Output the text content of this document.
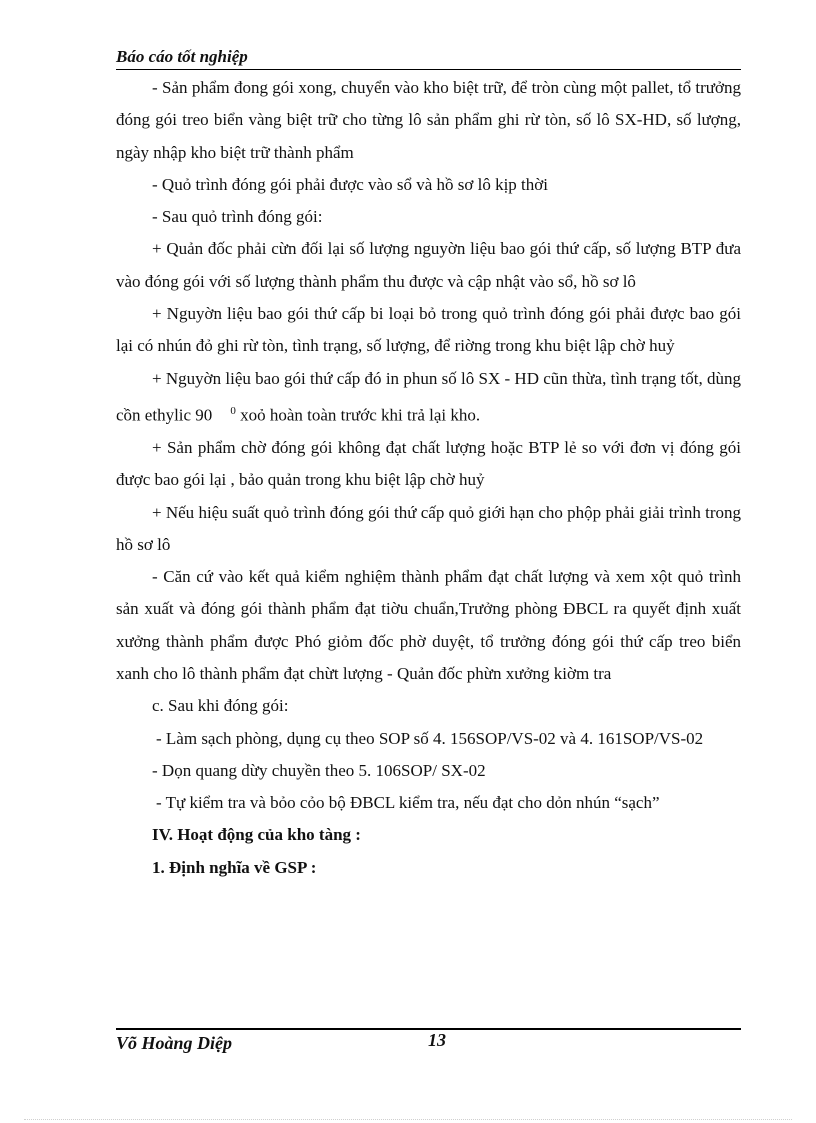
Báo cáo tốt nghiệp

- Sản phẩm đong gói xong, chuyển vào kho biệt trữ, để tròn cùng một pallet, tổ trưởng đóng gói treo biển vàng biệt trữ cho từng lô sản phẩm ghi rừ tòn, số lô SX-HD, số lượng, ngày nhập kho biệt trữ thành phẩm

- Quỏ trình đóng gói phải được vào sổ và hồ sơ lô kịp thời

- Sau quỏ trình đóng gói:

+ Quản đốc phải cừn đối lại số lượng nguyờn liệu bao gói thứ cấp, số lượng BTP đưa vào đóng gói với số lượng thành phẩm thu được và cập nhật vào sổ, hồ sơ lô

+ Nguyờn liệu bao gói thứ cấp bi loại bỏ trong quỏ trình đóng gói phải được bao gói lại có nhún đỏ ghi rừ tòn, tình trạng, số lượng, để riờng trong khu biệt lập chờ huỷ

+ Nguyờn liệu bao gói thứ cấp đó in phun số lô SX - HD cũn thừa, tình trạng tốt, dùng cồn ethylic 90 $^0$ xoỏ hoàn toàn trước khi trả lại kho.

+ Sản phẩm chờ đóng gói không đạt chất lượng hoặc BTP lẻ so với đơn vị đóng gói được bao gói lại , bảo quản trong khu biệt lập chờ huỷ

+ Nếu hiệu suất quỏ trình đóng gói thứ cấp quỏ giới hạn cho phộp phải giải trình trong hồ sơ lô

- Căn cứ vào kết quả kiểm nghiệm thành phẩm đạt chất lượng và xem xột quỏ trình sản xuất và đóng gói thành phẩm đạt tiờu chuẩn,Trưởng phòng ĐBCL ra quyết định xuất xưởng thành phẩm được Phó giỏm đốc phờ duyệt, tổ trưởng đóng gói thứ cấp treo biển xanh cho lô thành phẩm đạt chừt lượng - Quản đốc phừn xưởng kiờm tra

c. Sau khi đóng gói:

- Làm sạch phòng, dụng cụ theo SOP số 4. 156SOP/VS-02 và 4. 161SOP/VS-02

- Dọn quang dừy chuyền theo 5. 106SOP/ SX-02

- Tự kiểm tra và bỏo cỏo bộ ĐBCL kiểm tra, nếu đạt cho dỏn nhún “sạch”

IV. Hoạt động của kho tàng :

1. Định nghĩa về GSP :

Võ Hoàng Diệp	13
